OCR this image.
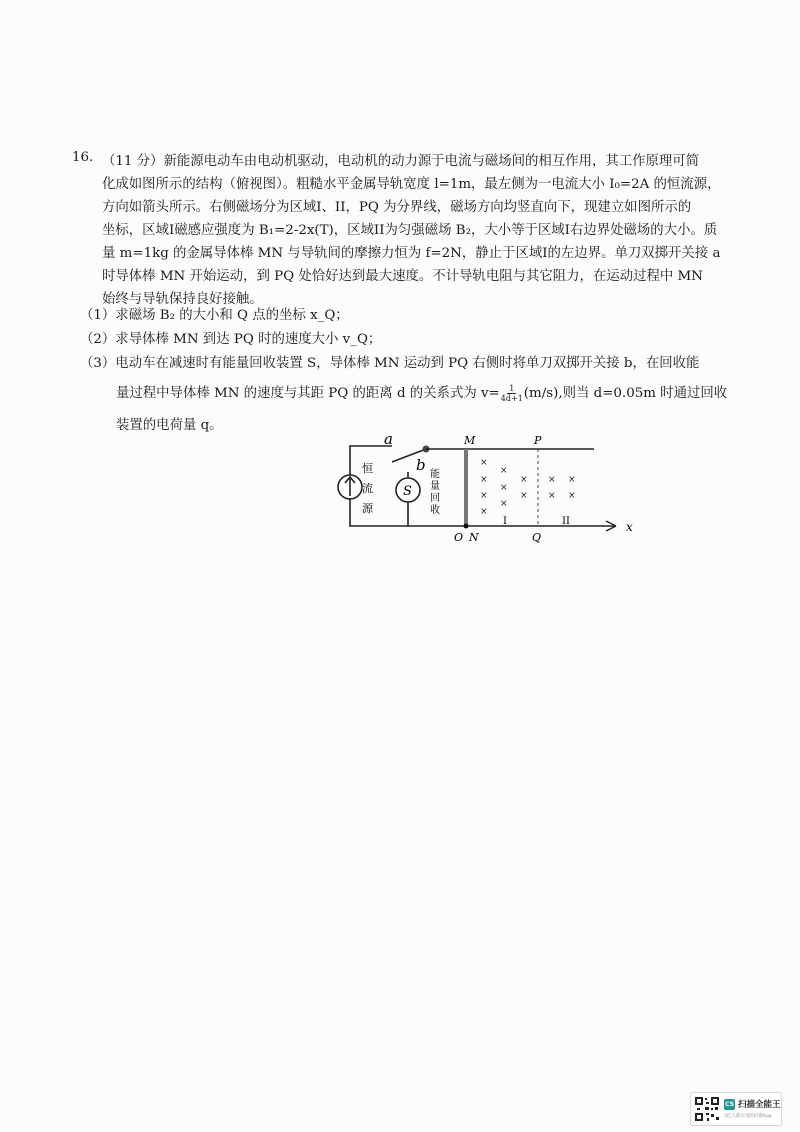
16. （11 分）新能源电动车由电动机驱动，电动机的动力源于电流与磁场间的相互作用，其工作原理可简
化成如图所示的结构（俯视图）。粗糙水平金属导轨宽度 l=1m，最左侧为一电流大小 I₀=2A 的恒流源，
方向如箭头所示。右侧磁场分为区域I、II，PQ 为分界线，磁场方向均竖直向下，现建立如图所示的
坐标，区域I磁感应强度为 B₁=2-2x(T)，区域II为匀强磁场 B₂，大小等于区域I右边界处磁场的大小。质
量 m=1kg 的金属导体棒 MN 与导轨间的摩擦力恒为 f=2N，静止于区域I的左边界。单刀双掷开关接 a
时导体棒 MN 开始运动，到 PQ 处恰好达到最大速度。不计导轨电阻与其它阻力，在运动过程中 MN
始终与导轨保持良好接触。
（1）求磁场 B₂ 的大小和 Q 点的坐标 x_Q；
（2）求导体棒 MN 到达 PQ 时的速度大小 v_Q；
（3）电动车在减速时有能量回收装置 S，导体棒 MN 运动到 PQ 右侧时将单刀双掷开关接 b，在回收能
量过程中导体棒 MN 的速度与其距 PQ 的距离 d 的关系式为 $v= \frac{1}{4d+1} (m/s)$,则当 d=0.05m 时通过回收
装置的电荷量 q。
恒
流
源
a
b
S
能
量
回
收
×
×
×
×
×
×
×
×
×
×
×
×
×
M	P
O N	Q
x
I	II
CS 扫描全能王
3亿人都在用的扫描App
